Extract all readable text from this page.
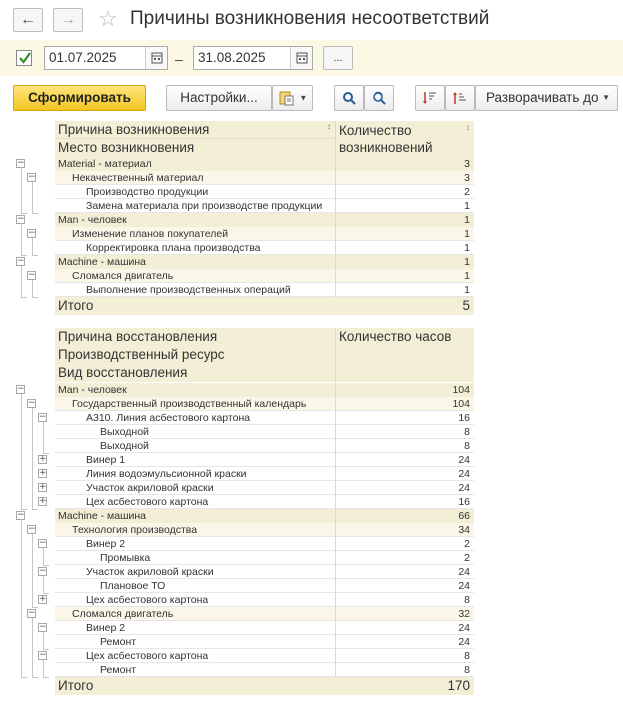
←	→	☆ Причины возникновения несоответствий
01.07.2025	–	31.08.2025	...
Сформировать	Настройки...	▼	Разворачивать до ▼
−
−
−
−
−
−
−
−
−
+
+
+
+
−
−
−
−
+
−
−
−
Причина возникновения	↕
Место возникновения
Количество возникновений
↕
Material - материал	3
Некачественный материал	3
Производство продукции	2
Замена материала при производстве продукции	1
Man - человек	1
Изменение планов покупателей	1
Корректировка плана производства	1
Machine - машина	1
Сломался двигатель	1
Выполнение производственных операций	1
Итого	5
Причина восстановления
Производственный ресурс
Вид восстановления
Количество часов
Man - человек	104
Государственный производственный календарь	104
А310. Линия асбестового картона	16
Выходной	8
Выходной	8
Винер 1	24
Линия водоэмульсионной краски	24
Участок акриловой краски	24
Цех асбестового картона	16
Machine - машина	66
Технология производства	34
Винер 2	2
Промывка	2
Участок акриловой краски	24
Плановое ТО	24
Цех асбестового картона	8
Сломался двигатель	32
Винер 2	24
Ремонт	24
Цех асбестового картона	8
Ремонт	8
Итого	170
